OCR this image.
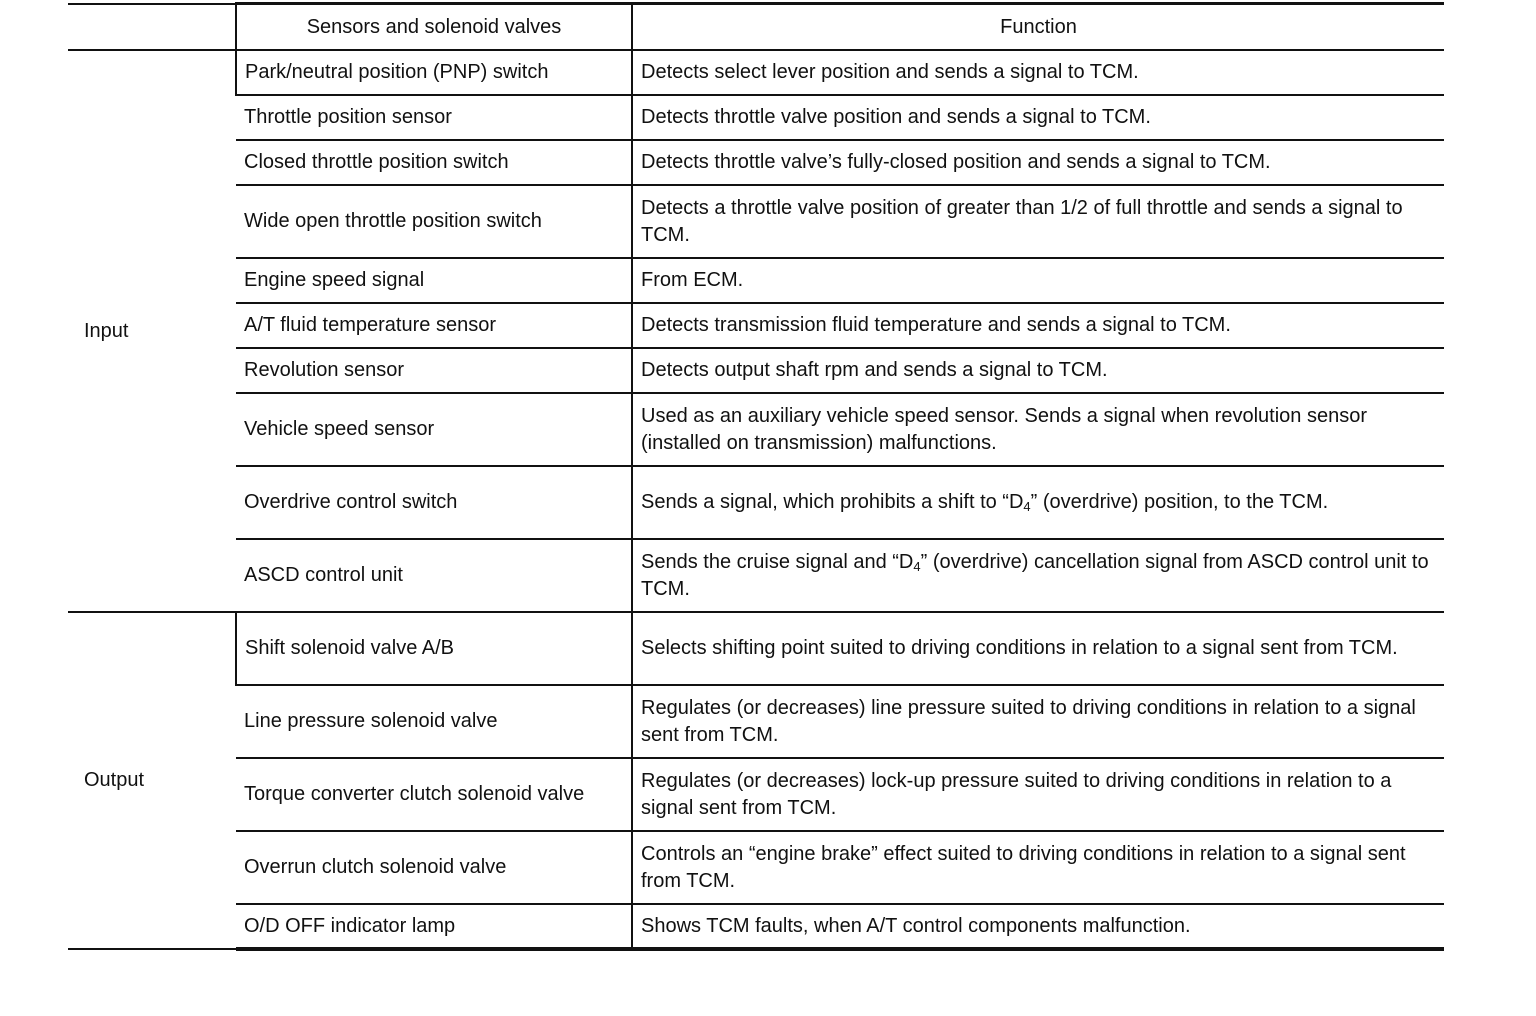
	Sensors and solenoid valves	Function
Input	Park/neutral position (PNP) switch	Detects select lever position and sends a signal to TCM.
	Throttle position sensor	Detects throttle valve position and sends a signal to TCM.
	Closed throttle position switch	Detects throttle valve’s fully-closed position and sends a signal to TCM.
	Wide open throttle position switch	Detects a throttle valve position of greater than 1/2 of full throttle and sends a signal to TCM.
	Engine speed signal	From ECM.
	A/T fluid temperature sensor	Detects transmission fluid temperature and sends a signal to TCM.
	Revolution sensor	Detects output shaft rpm and sends a signal to TCM.
	Vehicle speed sensor	Used as an auxiliary vehicle speed sensor. Sends a signal when revolution sensor (installed on transmission) malfunctions.
	Overdrive control switch	Sends a signal, which prohibits a shift to “$D_4$” (overdrive) position, to the TCM.
	ASCD control unit	Sends the cruise signal and “$D_4$” (overdrive) cancellation signal from ASCD control unit to TCM.
Output	Shift solenoid valve A/B	Selects shifting point suited to driving conditions in relation to a signal sent from TCM.
	Line pressure solenoid valve	Regulates (or decreases) line pressure suited to driving conditions in relation to a signal sent from TCM.
	Torque converter clutch solenoid valve	Regulates (or decreases) lock-up pressure suited to driving conditions in relation to a signal sent from TCM.
	Overrun clutch solenoid valve	Controls an “engine brake” effect suited to driving conditions in relation to a signal sent from TCM.
	O/D OFF indicator lamp	Shows TCM faults, when A/T control components malfunction.
